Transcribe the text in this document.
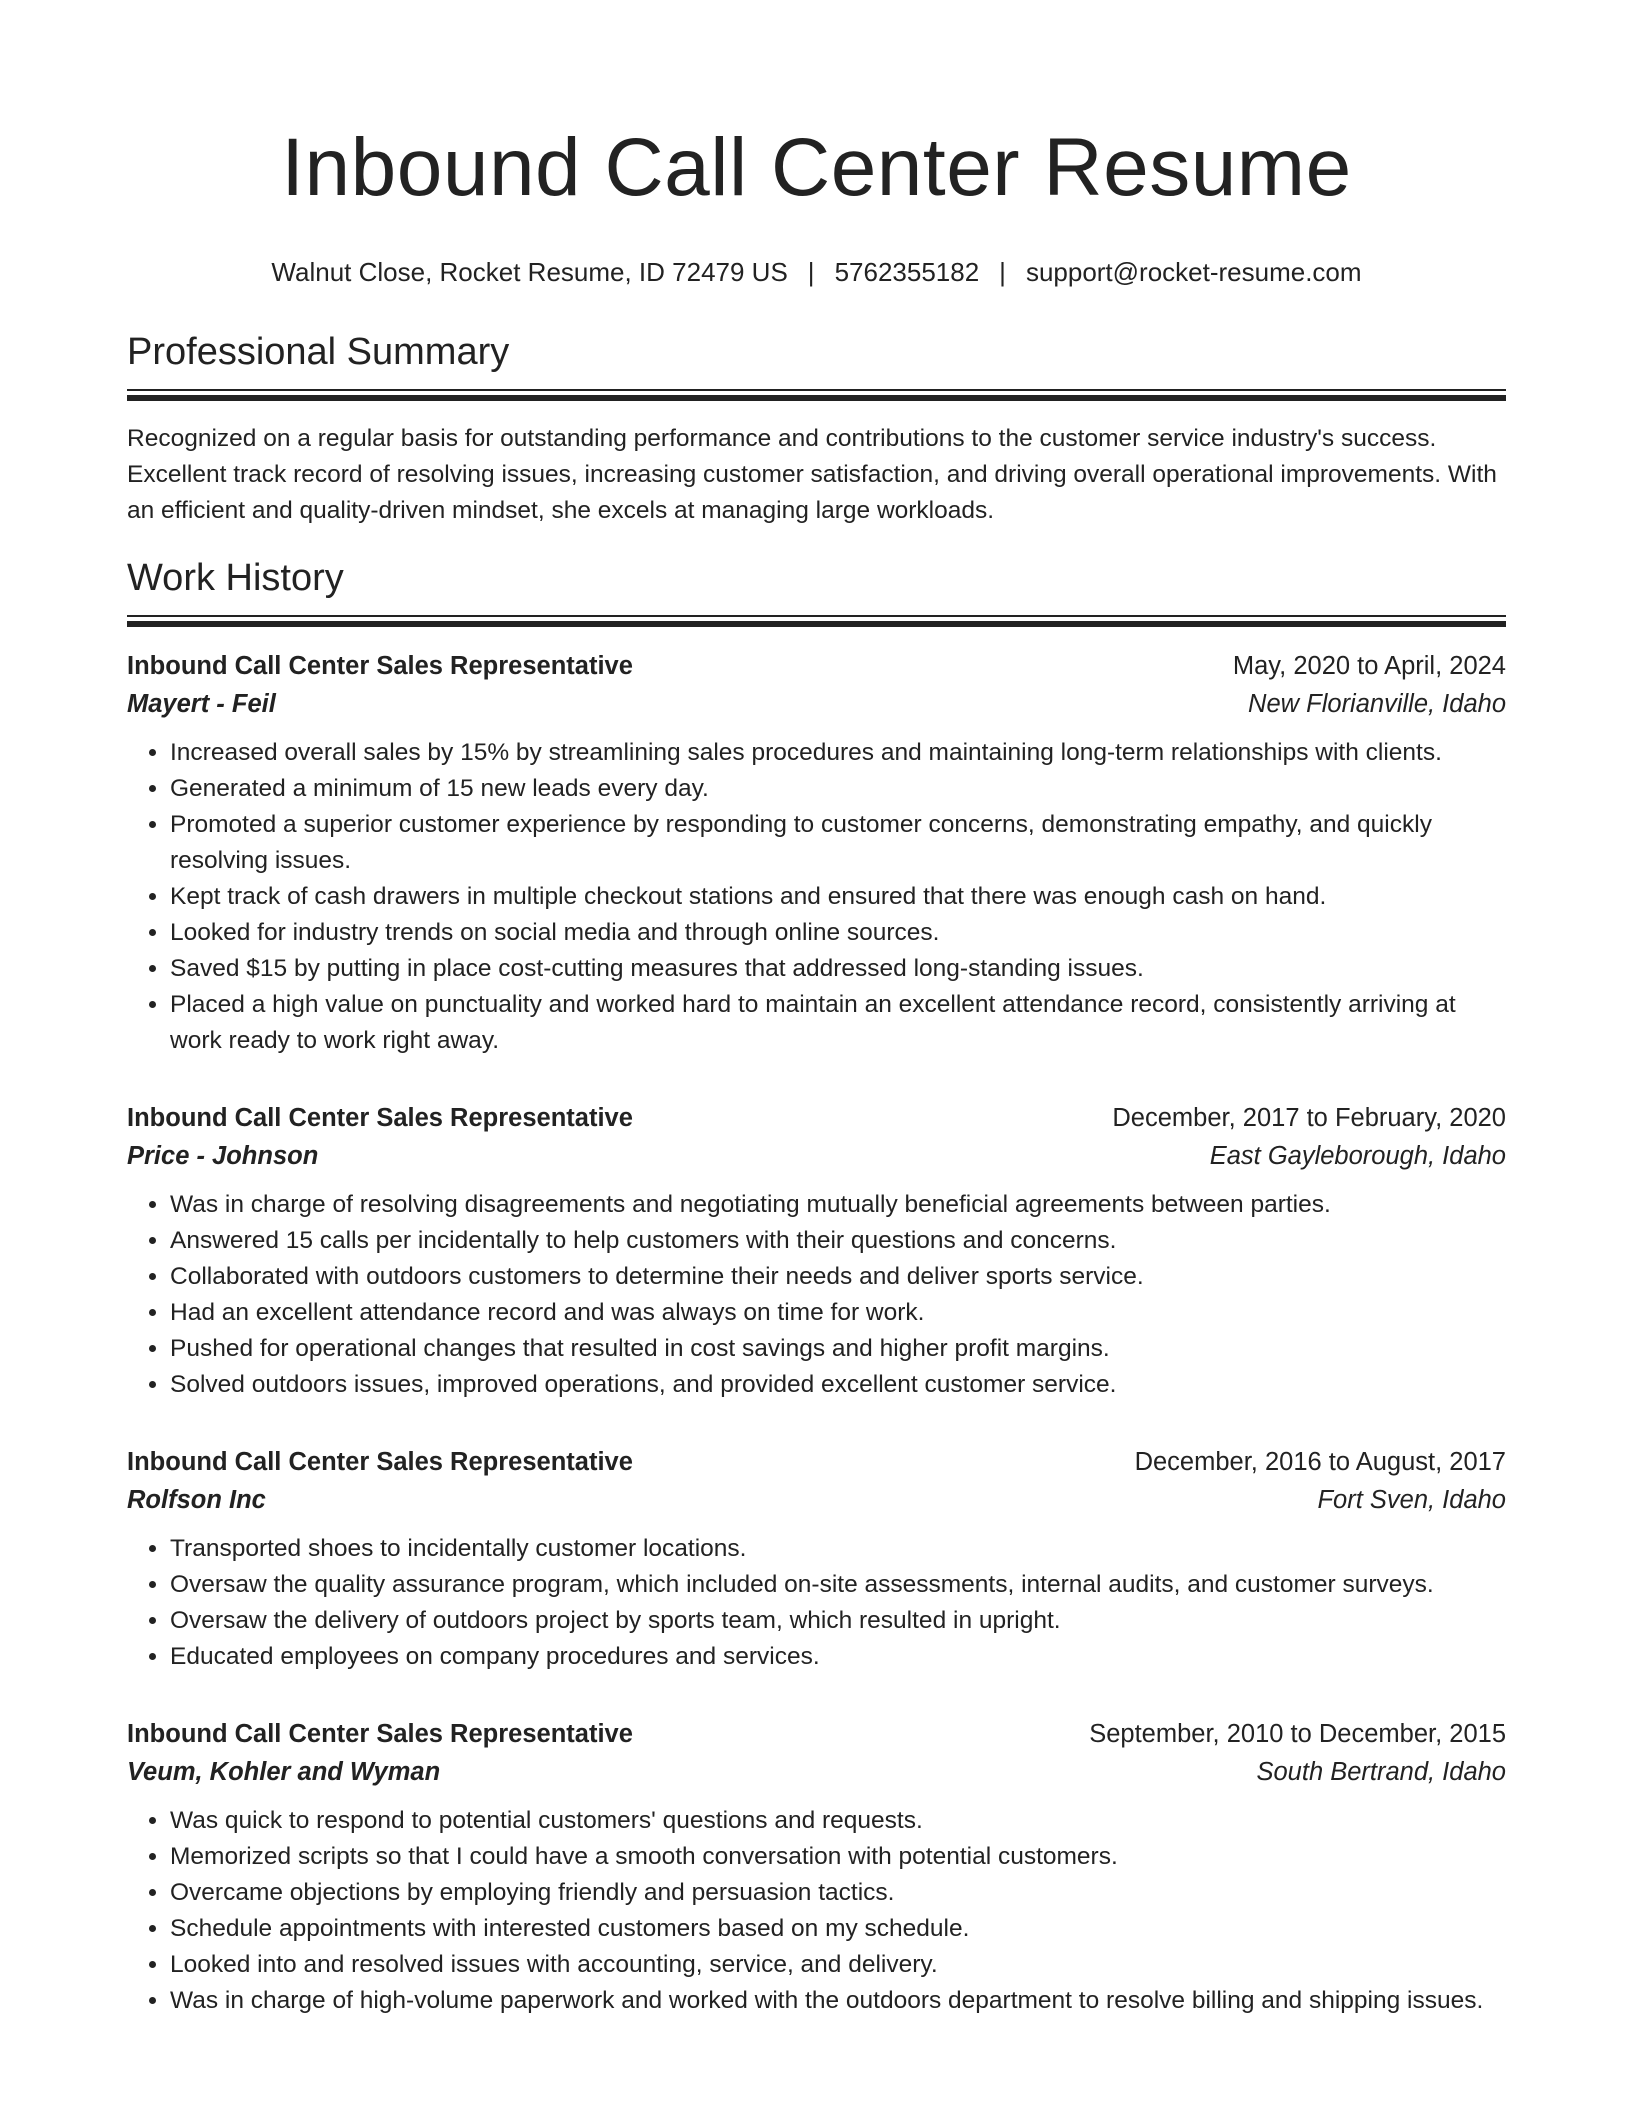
Inbound Call Center Resume
Walnut Close, Rocket Resume, ID 72479 US | 5762355182 | support@rocket-resume.com
Professional Summary

Recognized on a regular basis for outstanding performance and contributions to the customer service industry's success. Excellent track record of resolving issues, increasing customer satisfaction, and driving overall operational improvements. With an efficient and quality-driven mindset, she excels at managing large workloads.

Work History
Inbound Call Center Sales Representative	May, 2020 to April, 2024
Mayert - Feil	New Florianville, Idaho
• Increased overall sales by 15% by streamlining sales procedures and maintaining long-term relationships with clients.
• Generated a minimum of 15 new leads every day.
• Promoted a superior customer experience by responding to customer concerns, demonstrating empathy, and quickly resolving issues.
• Kept track of cash drawers in multiple checkout stations and ensured that there was enough cash on hand.
• Looked for industry trends on social media and through online sources.
• Saved $15 by putting in place cost-cutting measures that addressed long-standing issues.
• Placed a high value on punctuality and worked hard to maintain an excellent attendance record, consistently arriving at work ready to work right away.
Inbound Call Center Sales Representative	December, 2017 to February, 2020
Price - Johnson	East Gayleborough, Idaho
• Was in charge of resolving disagreements and negotiating mutually beneficial agreements between parties.
• Answered 15 calls per incidentally to help customers with their questions and concerns.
• Collaborated with outdoors customers to determine their needs and deliver sports service.
• Had an excellent attendance record and was always on time for work.
• Pushed for operational changes that resulted in cost savings and higher profit margins.
• Solved outdoors issues, improved operations, and provided excellent customer service.
Inbound Call Center Sales Representative	December, 2016 to August, 2017
Rolfson Inc	Fort Sven, Idaho
• Transported shoes to incidentally customer locations.
• Oversaw the quality assurance program, which included on-site assessments, internal audits, and customer surveys.
• Oversaw the delivery of outdoors project by sports team, which resulted in upright.
• Educated employees on company procedures and services.
Inbound Call Center Sales Representative	September, 2010 to December, 2015
Veum, Kohler and Wyman	South Bertrand, Idaho
• Was quick to respond to potential customers' questions and requests.
• Memorized scripts so that I could have a smooth conversation with potential customers.
• Overcame objections by employing friendly and persuasion tactics.
• Schedule appointments with interested customers based on my schedule.
• Looked into and resolved issues with accounting, service, and delivery.
• Was in charge of high-volume paperwork and worked with the outdoors department to resolve billing and shipping issues.
